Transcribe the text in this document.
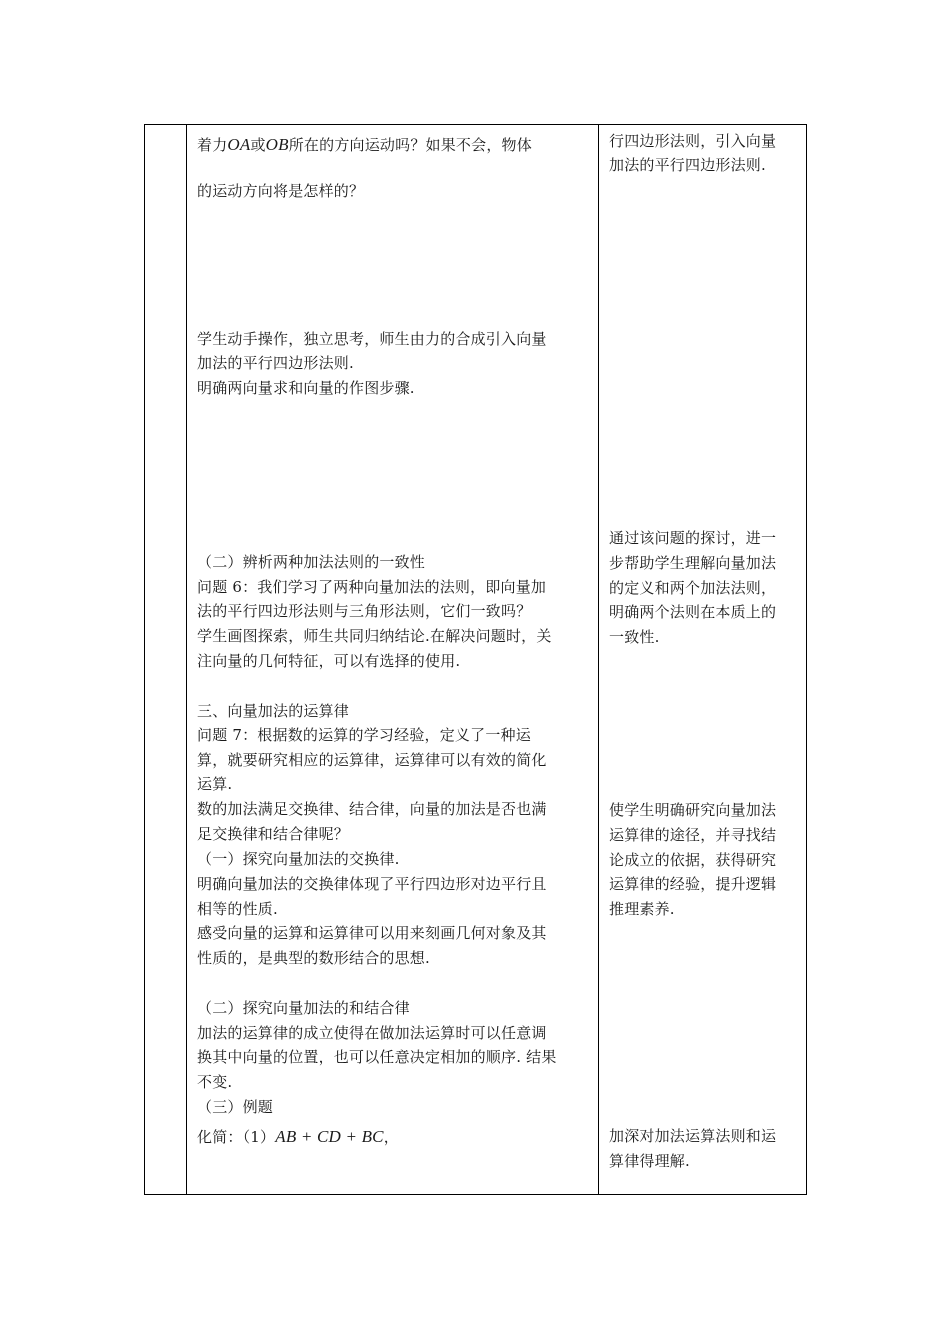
着力OA或OB所在的方向运动吗？如果不会，物体
的运动方向将是怎样的？
学生动手操作，独立思考，师生由力的合成引入向量
加法的平行四边形法则.
明确两向量求和向量的作图步骤.
（二）辨析两种加法法则的一致性
问题 6：我们学习了两种向量加法的法则，即向量加
法的平行四边形法则与三角形法则，它们一致吗？
学生画图探索，师生共同归纳结论.在解决问题时，关
注向量的几何特征，可以有选择的使用.
三、向量加法的运算律
问题 7：根据数的运算的学习经验，定义了一种运
算，就要研究相应的运算律，运算律可以有效的简化
运算.
数的加法满足交换律、结合律，向量的加法是否也满
足交换律和结合律呢？
（一）探究向量加法的交换律.
明确向量加法的交换律体现了平行四边形对边平行且
相等的性质.
感受向量的运算和运算律可以用来刻画几何对象及其
性质的，是典型的数形结合的思想.
（二）探究向量加法的和结合律
加法的运算律的成立使得在做加法运算时可以任意调
换其中向量的位置，也可以任意决定相加的顺序. 结果
不变.
（三）例题
化简：（1）AB + CD + BC，
行四边形法则，引入向量
加法的平行四边形法则.
通过该问题的探讨，进一
步帮助学生理解向量加法
的定义和两个加法法则，
明确两个法则在本质上的
一致性.
使学生明确研究向量加法
运算律的途径，并寻找结
论成立的依据，获得研究
运算律的经验，提升逻辑
推理素养.
加深对加法运算法则和运
算律得理解.
